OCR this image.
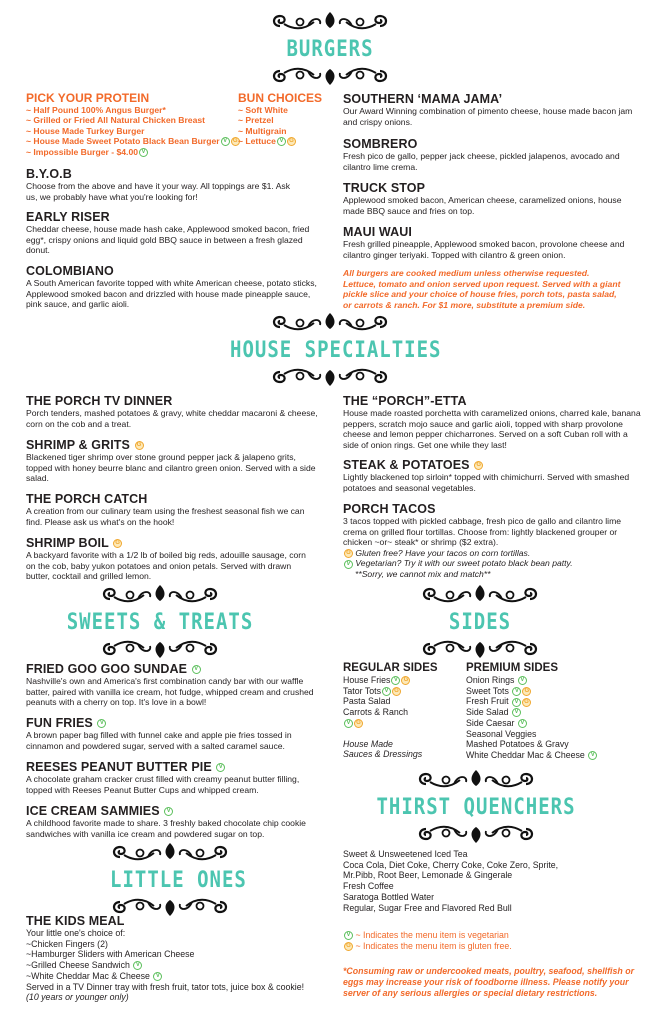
BURGERS
PICK YOUR PROTEIN
~ Half Pound 100% Angus Burger*
~ Grilled or Fried All Natural Chicken Breast
~ House Made Turkey Burger
~ House Made Sweet Potato Black Bean Burger V G
~ Impossible Burger - $4.00 V
BUN CHOICES
~ Soft White
~ Pretzel
~ Multigrain
~ Lettuce V G
B.Y.O.B
Choose from the above and have it your way. All toppings are $1. Ask us, we probably have what you're looking for!
EARLY RISER
Cheddar cheese, house made hash cake, Applewood smoked bacon, fried egg*, crispy onions and liquid gold BBQ sauce in between a fresh glazed donut.
COLOMBIANO
A South American favorite topped with white American cheese, potato sticks, Applewood smoked bacon and drizzled with house made pineapple sauce, pink sauce, and garlic aioli.
SOUTHERN ‘MAMA JAMA’
Our Award Winning combination of pimento cheese, house made bacon jam and crispy onions.
SOMBRERO
Fresh pico de gallo, pepper jack cheese, pickled jalapenos, avocado and cilantro lime crema.
TRUCK STOP
Applewood smoked bacon, American cheese, caramelized onions, house made BBQ sauce and fries on top.
MAUI WAUI
Fresh grilled pineapple, Applewood smoked bacon, provolone cheese and cilantro ginger teriyaki. Topped with cilantro & green onion.
All burgers are cooked medium unless otherwise requested. Lettuce, tomato and onion served upon request. Served with a giant pickle slice and your choice of house fries, porch tots, pasta salad, or carrots & ranch. For $1 more, substitute a premium side.
HOUSE SPECIALTIES
THE PORCH TV DINNER
Porch tenders, mashed potatoes & gravy, white cheddar macaroni & cheese, corn on the cob and a treat.
SHRIMP & GRITS G
Blackened tiger shrimp over stone ground pepper jack & jalapeno grits, topped with honey beurre blanc and cilantro green onion. Served with a side salad.
THE PORCH CATCH
A creation from our culinary team using the freshest seasonal fish we can find. Please ask us what's on the hook!
SHRIMP BOIL G
A backyard favorite with a 1/2 lb of boiled big reds, adouille sausage, corn on the cob, baby yukon potatoes and onion petals. Served with drawn butter, cocktail and grilled lemon.
THE “PORCH”-ETTA
House made roasted porchetta with caramelized onions, charred kale, banana peppers, scratch mojo sauce and garlic aioli, topped with sharp provolone cheese and lemon pepper chicharrones. Served on a soft Cuban roll with a side of onion rings. Get one while they last!
STEAK & POTATOES G
Lightly blackened top sirloin* topped with chimichurri. Served with smashed potatoes and seasonal vegetables.
PORCH TACOS
3 tacos topped with pickled cabbage, fresh pico de gallo and cilantro lime crema on grilled flour tortillas. Choose from: lightly blackened grouper or chicken ~or~ steak* or shrimp ($2 extra).
G Gluten free? Have your tacos on corn tortillas.
V Vegetarian? Try it with our sweet potato black bean patty.
**Sorry, we cannot mix and match**
SWEETS & TREATS	SIDES
FRIED GOO GOO SUNDAE V
Nashville's own and America's first combination candy bar with our waffle batter, paired with vanilla ice cream, hot fudge, whipped cream and crushed peanuts with a cherry on top. It's love in a bowl!
FUN FRIES V
A brown paper bag filled with funnel cake and apple pie fries tossed in cinnamon and powdered sugar, served with a salted caramel sauce.
REESES PEANUT BUTTER PIE V
A chocolate graham cracker crust filled with creamy peanut butter filling, topped with Reeses Peanut Butter Cups and whipped cream.
ICE CREAM SAMMIES V
A childhood favorite made to share. 3 freshly baked chocolate chip cookie sandwiches with vanilla ice cream and powdered sugar on top.
REGULAR SIDES
House Fries V G
Tator Tots V G
Pasta Salad
Carrots & Ranch
V G
House Made Sauces & Dressings
PREMIUM SIDES
Onion Rings V
Sweet Tots V G
Fresh Fruit V G
Side Salad V
Side Caesar V
Seasonal Veggies
Mashed Potatoes & Gravy
White Cheddar Mac & Cheese V
THIRST QUENCHERS
Sweet & Unsweetened Iced Tea
Coca Cola, Diet Coke, Cherry Coke, Coke Zero, Sprite,
Mr.Pibb, Root Beer, Lemonade & Gingerale
Fresh Coffee
Saratoga Bottled Water
Regular, Sugar Free and Flavored Red Bull
V ~ Indicates the menu item is vegetarian
G ~ Indicates the menu item is gluten free.
*Consuming raw or undercooked meats, poultry, seafood, shellfish or eggs may increase your risk of foodborne illness. Please notify your server of any serious allergies or special dietary restrictions.
LITTLE ONES
THE KIDS MEAL
Your little one's choice of:
~Chicken Fingers (2)
~Hamburger Sliders with American Cheese
~Grilled Cheese Sandwich V
~White Cheddar Mac & Cheese V
Served in a TV Dinner tray with fresh fruit, tator tots, juice box & cookie!
(10 years or younger only)
